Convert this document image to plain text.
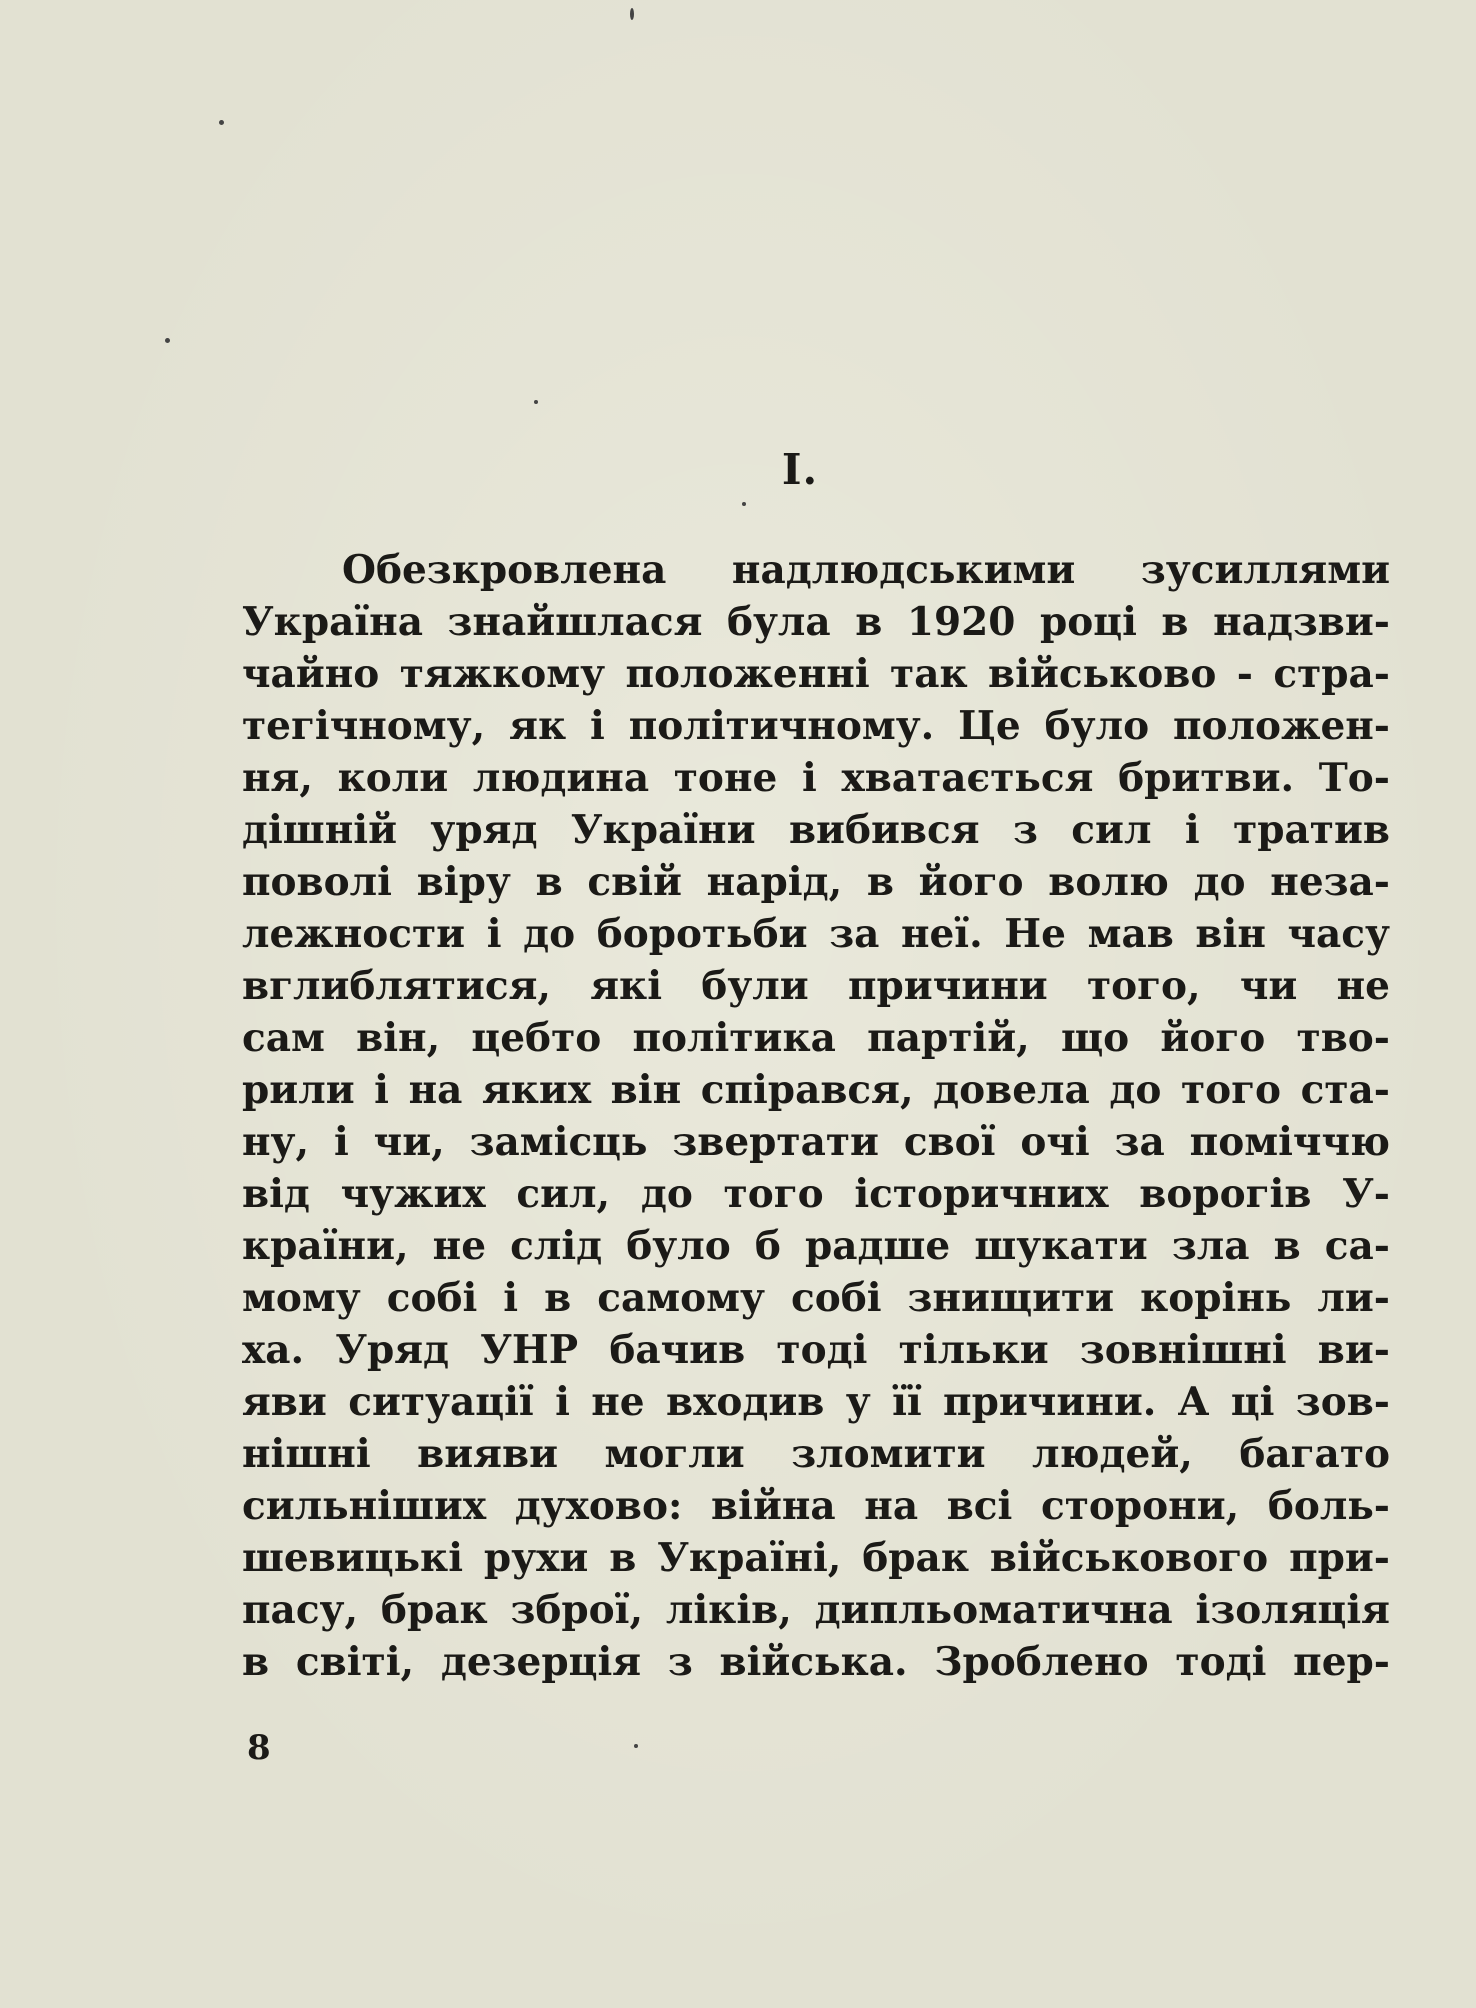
I.
Обезкровлена надлюдськими зусиллями
Україна знайшлася була в 1920 році в надзви-
чайно тяжкому положенні так військово - стра-
тегічному, як і політичному. Це було положен-
ня, коли людина тоне і хватається бритви. То-
дішній уряд України вибився з сил і тратив
поволі віру в свій нарід, в його волю до неза-
лежности і до боротьби за неї. Не мав він часу
вглиблятися, які були причини того, чи не
сам він, цебто політика партій, що його тво-
рили і на яких він спірався, довела до того ста-
ну, і чи, замісць звертати свої очі за поміччю
від чужих сил, до того історичних ворогів У-
країни, не слід було б радше шукати зла в са-
мому собі і в самому собі знищити корінь ли-
ха. Уряд УНР бачив тоді тільки зовнішні ви-
яви ситуації і не входив у її причини. А ці зов-
нішні вияви могли зломити людей, багато
сильніших духово: війна на всі сторони, боль-
шевицькі рухи в Україні, брак військового при-
пасу, брак зброї, ліків, дипльоматична ізоляція
в світі, дезерція з війська. Зроблено тоді пер-
8
